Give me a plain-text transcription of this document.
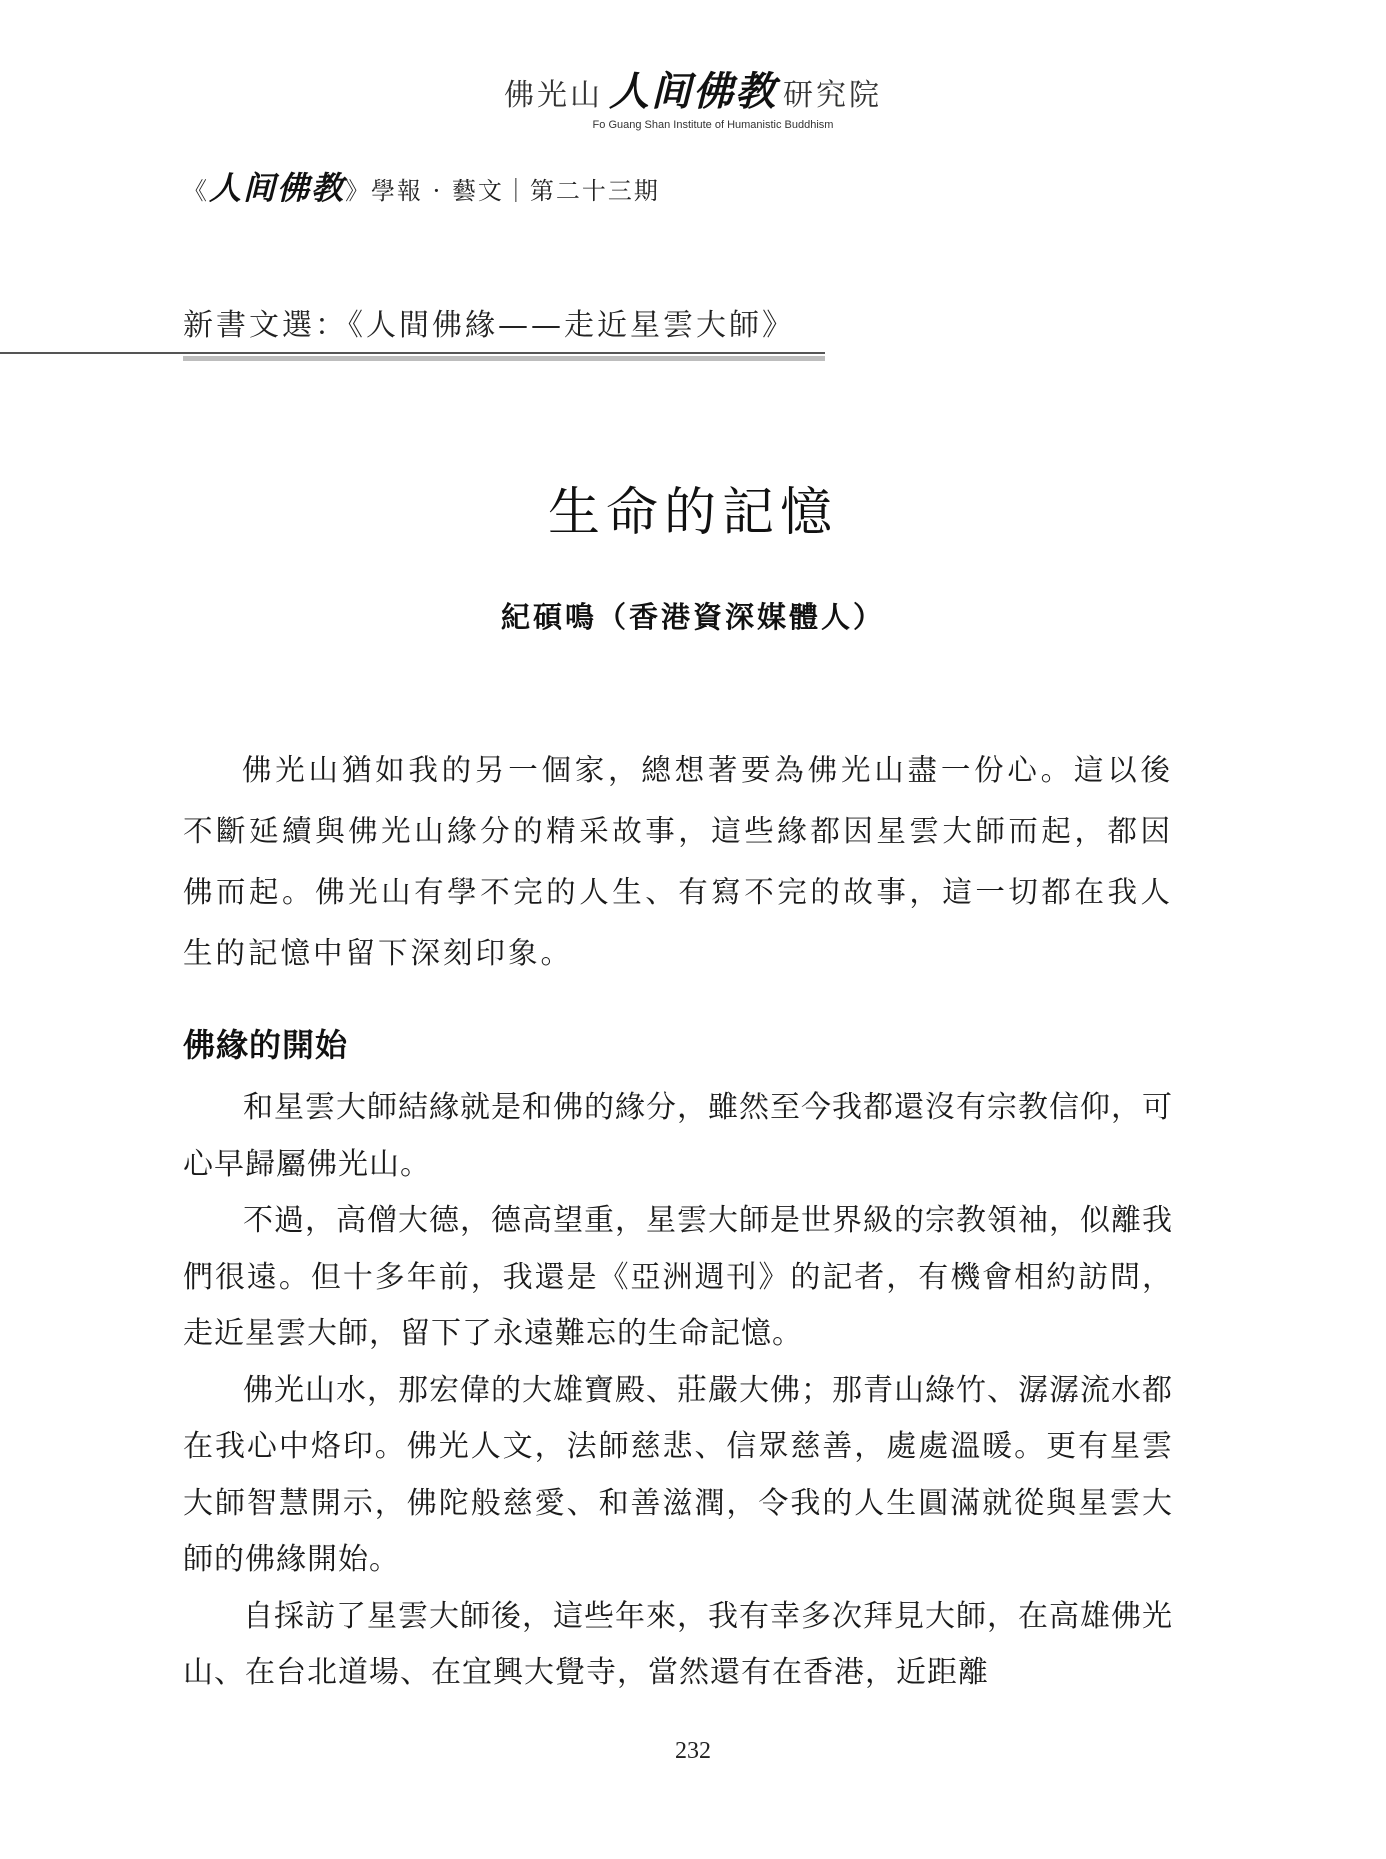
佛光山 人间佛教 研究院
Fo Guang Shan Institute of Humanistic Buddhism
《人间佛教》學報 · 藝文｜第二十三期
新書文選：《人間佛緣——走近星雲大師》
生命的記憶
紀碩鳴（香港資深媒體人）

佛光山猶如我的另一個家，總想著要為佛光山盡一份心。這以後不斷延續與佛光山緣分的精采故事，這些緣都因星雲大師而起，都因佛而起。佛光山有學不完的人生、有寫不完的故事，這一切都在我人生的記憶中留下深刻印象。

佛緣的開始

和星雲大師結緣就是和佛的緣分，雖然至今我都還沒有宗教信仰，可心早歸屬佛光山。

不過，高僧大德，德高望重，星雲大師是世界級的宗教領袖，似離我們很遠。但十多年前，我還是《亞洲週刊》的記者，有機會相約訪問，走近星雲大師，留下了永遠難忘的生命記憶。

佛光山水，那宏偉的大雄寶殿、莊嚴大佛；那青山綠竹、潺潺流水都在我心中烙印。佛光人文，法師慈悲、信眾慈善，處處溫暖。更有星雲大師智慧開示，佛陀般慈愛、和善滋潤，令我的人生圓滿就從與星雲大師的佛緣開始。

自採訪了星雲大師後，這些年來，我有幸多次拜見大師，在高雄佛光山、在台北道場、在宜興大覺寺，當然還有在香港，近距離

232
